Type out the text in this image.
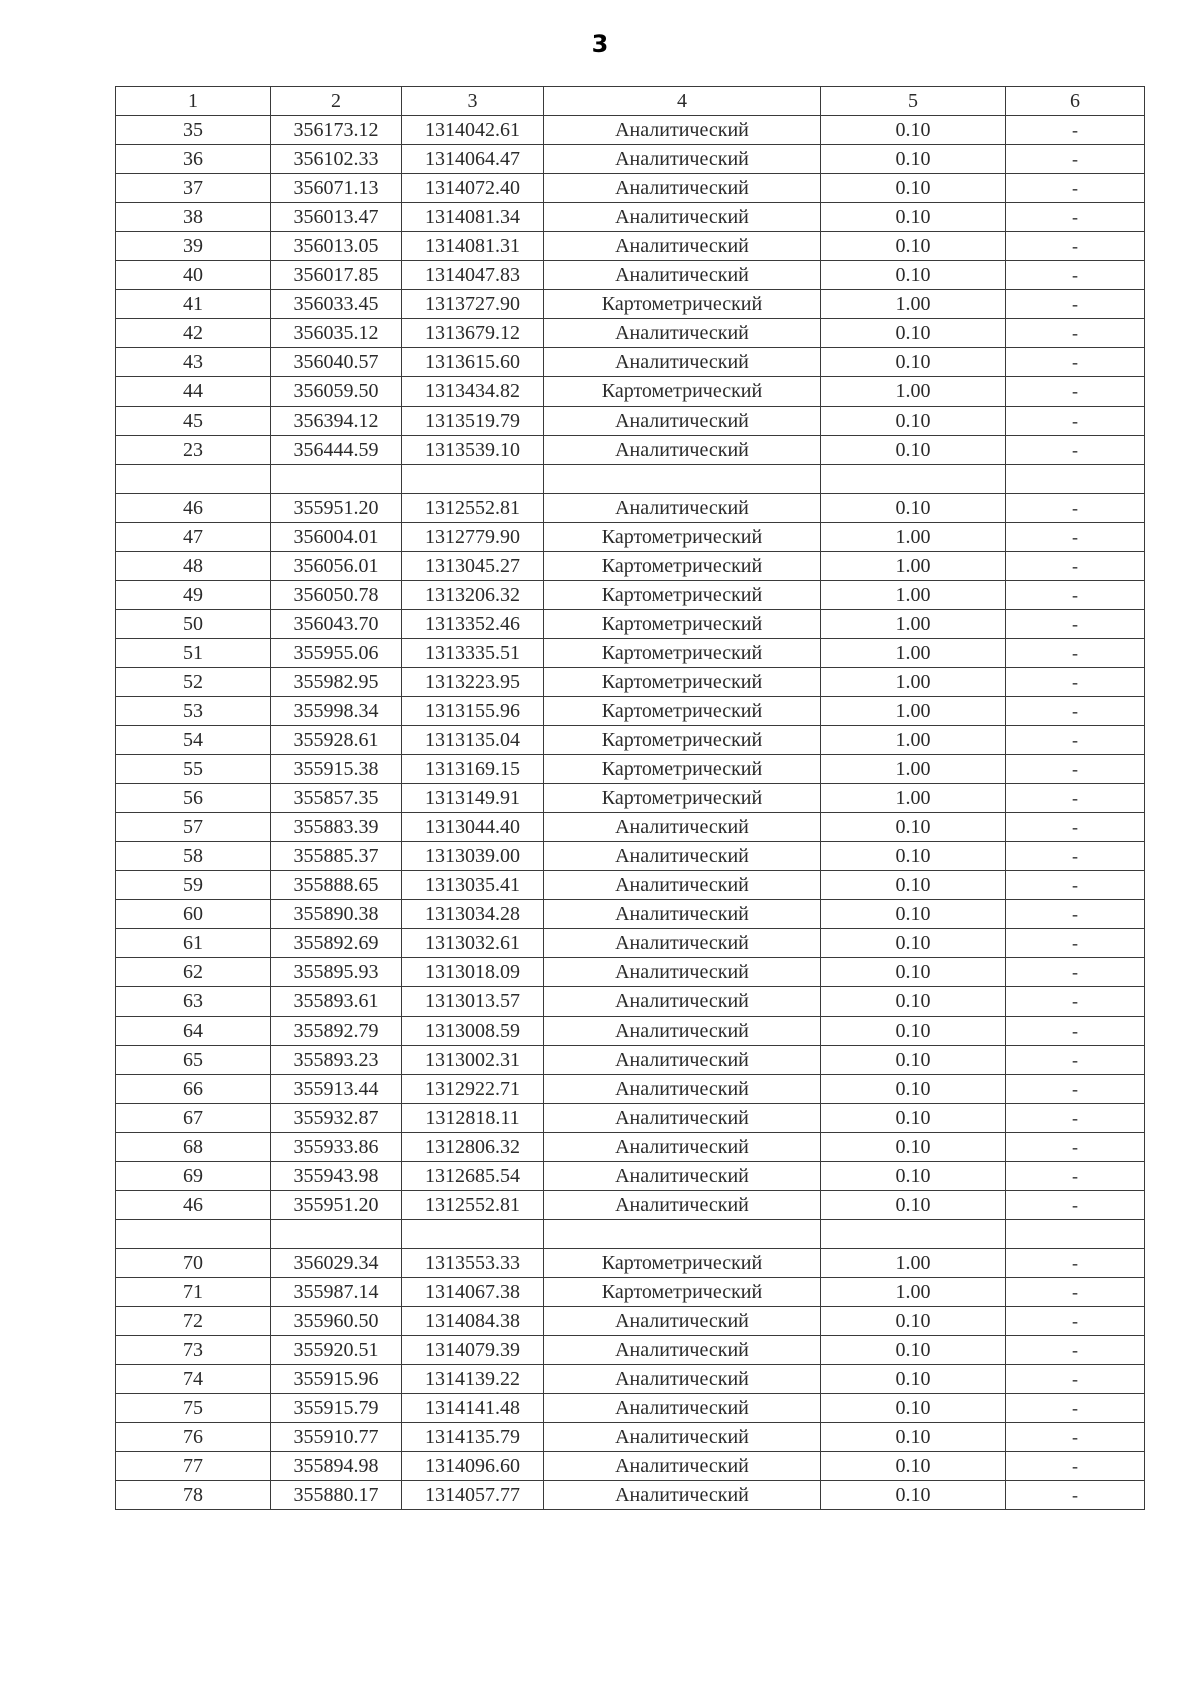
3
1	2	3	4	5	6
35	356173.12	1314042.61	Аналитический	0.10	-
36	356102.33	1314064.47	Аналитический	0.10	-
37	356071.13	1314072.40	Аналитический	0.10	-
38	356013.47	1314081.34	Аналитический	0.10	-
39	356013.05	1314081.31	Аналитический	0.10	-
40	356017.85	1314047.83	Аналитический	0.10	-
41	356033.45	1313727.90	Картометрический	1.00	-
42	356035.12	1313679.12	Аналитический	0.10	-
43	356040.57	1313615.60	Аналитический	0.10	-
44	356059.50	1313434.82	Картометрический	1.00	-
45	356394.12	1313519.79	Аналитический	0.10	-
23	356444.59	1313539.10	Аналитический	0.10	-

46	355951.20	1312552.81	Аналитический	0.10	-
47	356004.01	1312779.90	Картометрический	1.00	-
48	356056.01	1313045.27	Картометрический	1.00	-
49	356050.78	1313206.32	Картометрический	1.00	-
50	356043.70	1313352.46	Картометрический	1.00	-
51	355955.06	1313335.51	Картометрический	1.00	-
52	355982.95	1313223.95	Картометрический	1.00	-
53	355998.34	1313155.96	Картометрический	1.00	-
54	355928.61	1313135.04	Картометрический	1.00	-
55	355915.38	1313169.15	Картометрический	1.00	-
56	355857.35	1313149.91	Картометрический	1.00	-
57	355883.39	1313044.40	Аналитический	0.10	-
58	355885.37	1313039.00	Аналитический	0.10	-
59	355888.65	1313035.41	Аналитический	0.10	-
60	355890.38	1313034.28	Аналитический	0.10	-
61	355892.69	1313032.61	Аналитический	0.10	-
62	355895.93	1313018.09	Аналитический	0.10	-
63	355893.61	1313013.57	Аналитический	0.10	-
64	355892.79	1313008.59	Аналитический	0.10	-
65	355893.23	1313002.31	Аналитический	0.10	-
66	355913.44	1312922.71	Аналитический	0.10	-
67	355932.87	1312818.11	Аналитический	0.10	-
68	355933.86	1312806.32	Аналитический	0.10	-
69	355943.98	1312685.54	Аналитический	0.10	-
46	355951.20	1312552.81	Аналитический	0.10	-

70	356029.34	1313553.33	Картометрический	1.00	-
71	355987.14	1314067.38	Картометрический	1.00	-
72	355960.50	1314084.38	Аналитический	0.10	-
73	355920.51	1314079.39	Аналитический	0.10	-
74	355915.96	1314139.22	Аналитический	0.10	-
75	355915.79	1314141.48	Аналитический	0.10	-
76	355910.77	1314135.79	Аналитический	0.10	-
77	355894.98	1314096.60	Аналитический	0.10	-
78	355880.17	1314057.77	Аналитический	0.10	-
